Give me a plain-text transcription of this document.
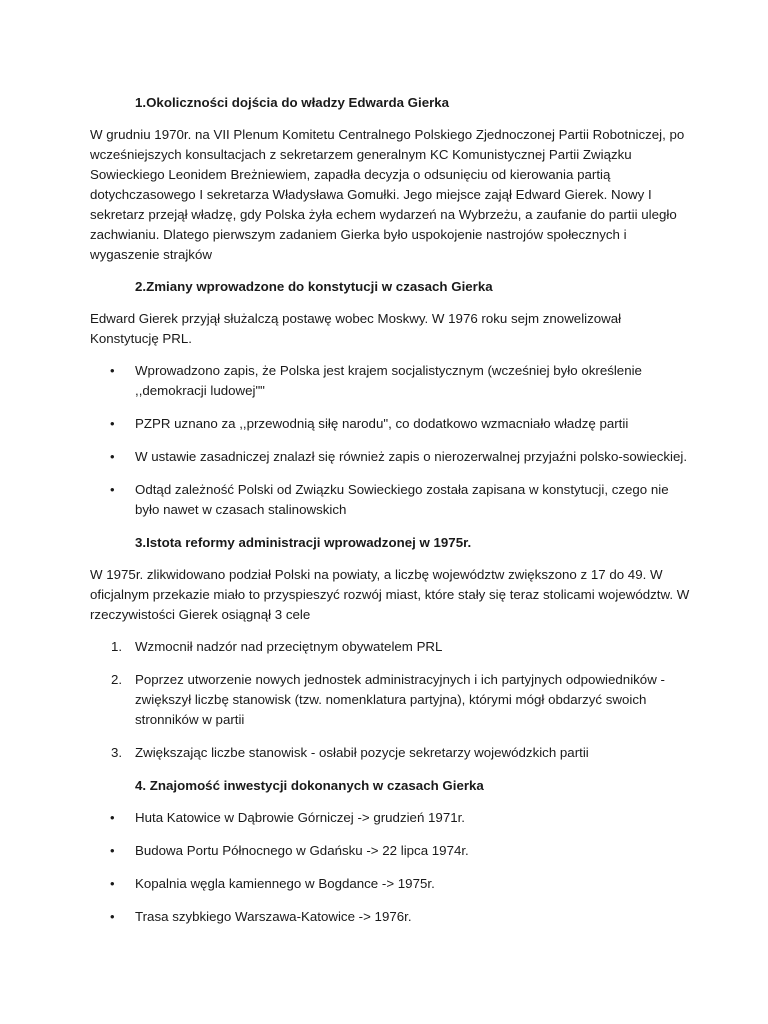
1.Okoliczności dojścia do władzy Edwarda Gierka

W grudniu 1970r. na VII Plenum Komitetu Centralnego Polskiego Zjednoczonej Partii Robotniczej, po wcześniejszych konsultacjach z sekretarzem generalnym KC Komunistycznej Partii Związku Sowieckiego Leonidem Breżniewiem, zapadła decyzja o odsunięciu od kierowania partią dotychczasowego I sekretarza Władysława Gomułki. Jego miejsce zajął Edward Gierek. Nowy I sekretarz przejął władzę, gdy Polska żyła echem wydarzeń na Wybrzeżu, a zaufanie do partii uległo zachwianiu. Dlatego pierwszym zadaniem Gierka było uspokojenie nastrojów społecznych i wygaszenie strajków

2.Zmiany wprowadzone do konstytucji w czasach Gierka

Edward Gierek przyjął służalczą postawę wobec Moskwy. W 1976 roku sejm znowelizował Konstytucję PRL.

• Wprowadzono zapis, że Polska jest krajem socjalistycznym (wcześniej było określenie ,,demokracji ludowej""
• PZPR uznano za ,,przewodnią siłę narodu", co dodatkowo wzmacniało władzę partii
• W ustawie zasadniczej znalazł się również zapis o nierozerwalnej przyjaźni polsko-sowieckiej.
• Odtąd zależność Polski od Związku Sowieckiego została zapisana w konstytucji, czego nie było nawet w czasach stalinowskich
3.Istota reformy administracji wprowadzonej w 1975r.

W 1975r. zlikwidowano podział Polski na powiaty, a liczbę województw zwiększono z 17 do 49. W oficjalnym przekazie miało to przyspieszyć rozwój miast, które stały się teraz stolicami województw. W rzeczywistości Gierek osiągnął 3 cele

1. Wzmocnił nadzór nad przeciętnym obywatelem PRL
2. Poprzez utworzenie nowych jednostek administracyjnych i ich partyjnych odpowiedników - zwiększył liczbę stanowisk (tzw. nomenklatura partyjna), którymi mógł obdarzyć swoich stronników w partii
3. Zwiększając liczbe stanowisk - osłabił pozycje sekretarzy wojewódzkich partii
4. Znajomość inwestycji dokonanych w czasach Gierka
• Huta Katowice w Dąbrowie Górniczej -> grudzień 1971r.
• Budowa Portu Północnego w Gdańsku -> 22 lipca 1974r.
• Kopalnia węgla kamiennego w Bogdance -> 1975r.
• Trasa szybkiego Warszawa-Katowice -> 1976r.
